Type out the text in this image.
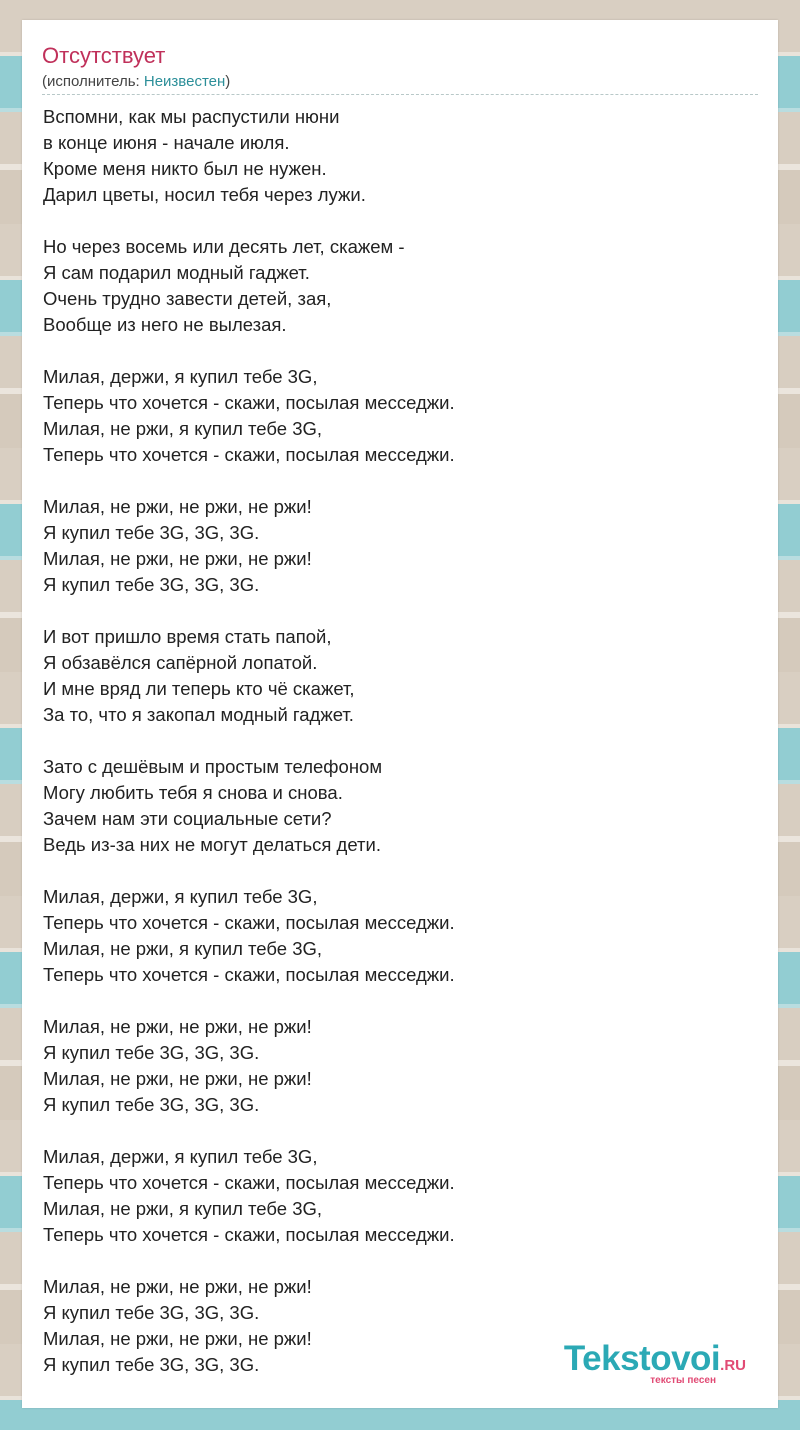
Отсутствует
(исполнитель: Неизвестен)
Вспомни, как мы распустили нюни
в конце июня - начале июля.
Кроме меня никто был не нужен.
Дарил цветы, носил тебя через лужи.
Но через восемь или десять лет, скажем -
Я сам подарил модный гаджет.
Очень трудно завести детей, зая,
Вообще из него не вылезая.
Милая, держи, я купил тебе 3G,
Теперь что хочется - скажи, посылая месседжи.
Милая, не ржи, я купил тебе 3G,
Теперь что хочется - скажи, посылая месседжи.
Милая, не ржи, не ржи, не ржи!
Я купил тебе 3G, 3G, 3G.
Милая, не ржи, не ржи, не ржи!
Я купил тебе 3G, 3G, 3G.
И вот пришло время стать папой,
Я обзавёлся сапёрной лопатой.
И мне вряд ли теперь кто чё скажет,
За то, что я закопал модный гаджет.
Зато с дешёвым и простым телефоном
Могу любить тебя я снова и снова.
Зачем нам эти социальные сети?
Ведь из-за них не могут делаться дети.
Милая, держи, я купил тебе 3G,
Теперь что хочется - скажи, посылая месседжи.
Милая, не ржи, я купил тебе 3G,
Теперь что хочется - скажи, посылая месседжи.
Милая, не ржи, не ржи, не ржи!
Я купил тебе 3G, 3G, 3G.
Милая, не ржи, не ржи, не ржи!
Я купил тебе 3G, 3G, 3G.
Милая, держи, я купил тебе 3G,
Теперь что хочется - скажи, посылая месседжи.
Милая, не ржи, я купил тебе 3G,
Теперь что хочется - скажи, посылая месседжи.
Милая, не ржи, не ржи, не ржи!
Я купил тебе 3G, 3G, 3G.
Милая, не ржи, не ржи, не ржи!
Я купил тебе 3G, 3G, 3G.	Tekstovoi.RU
тексты песен
